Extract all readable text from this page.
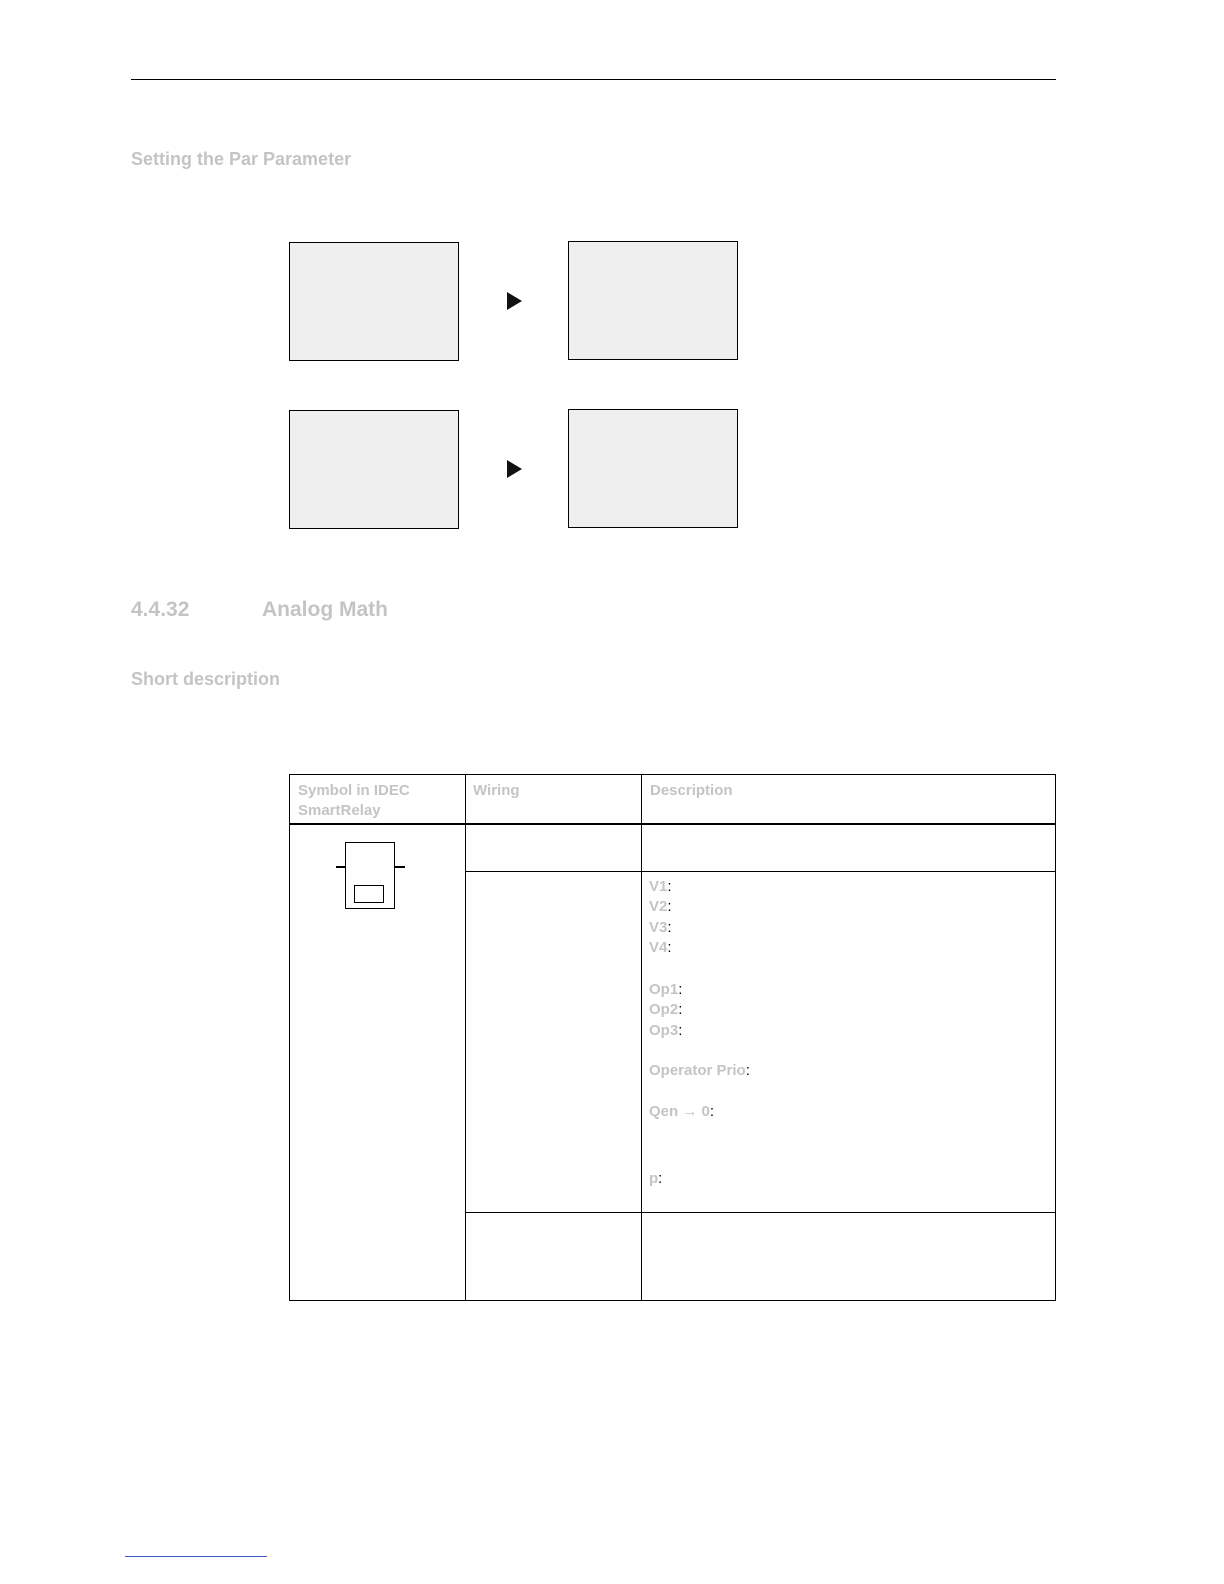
Setting the Par Parameter
4.4.32	Analog Math
Short description
Symbol in IDEC SmartRelay
Wiring	Description
V1:
V2:
V3:
V4:
Op1:
Op2:
Op3:
Operator Prio:
Qen → 0:
p:
